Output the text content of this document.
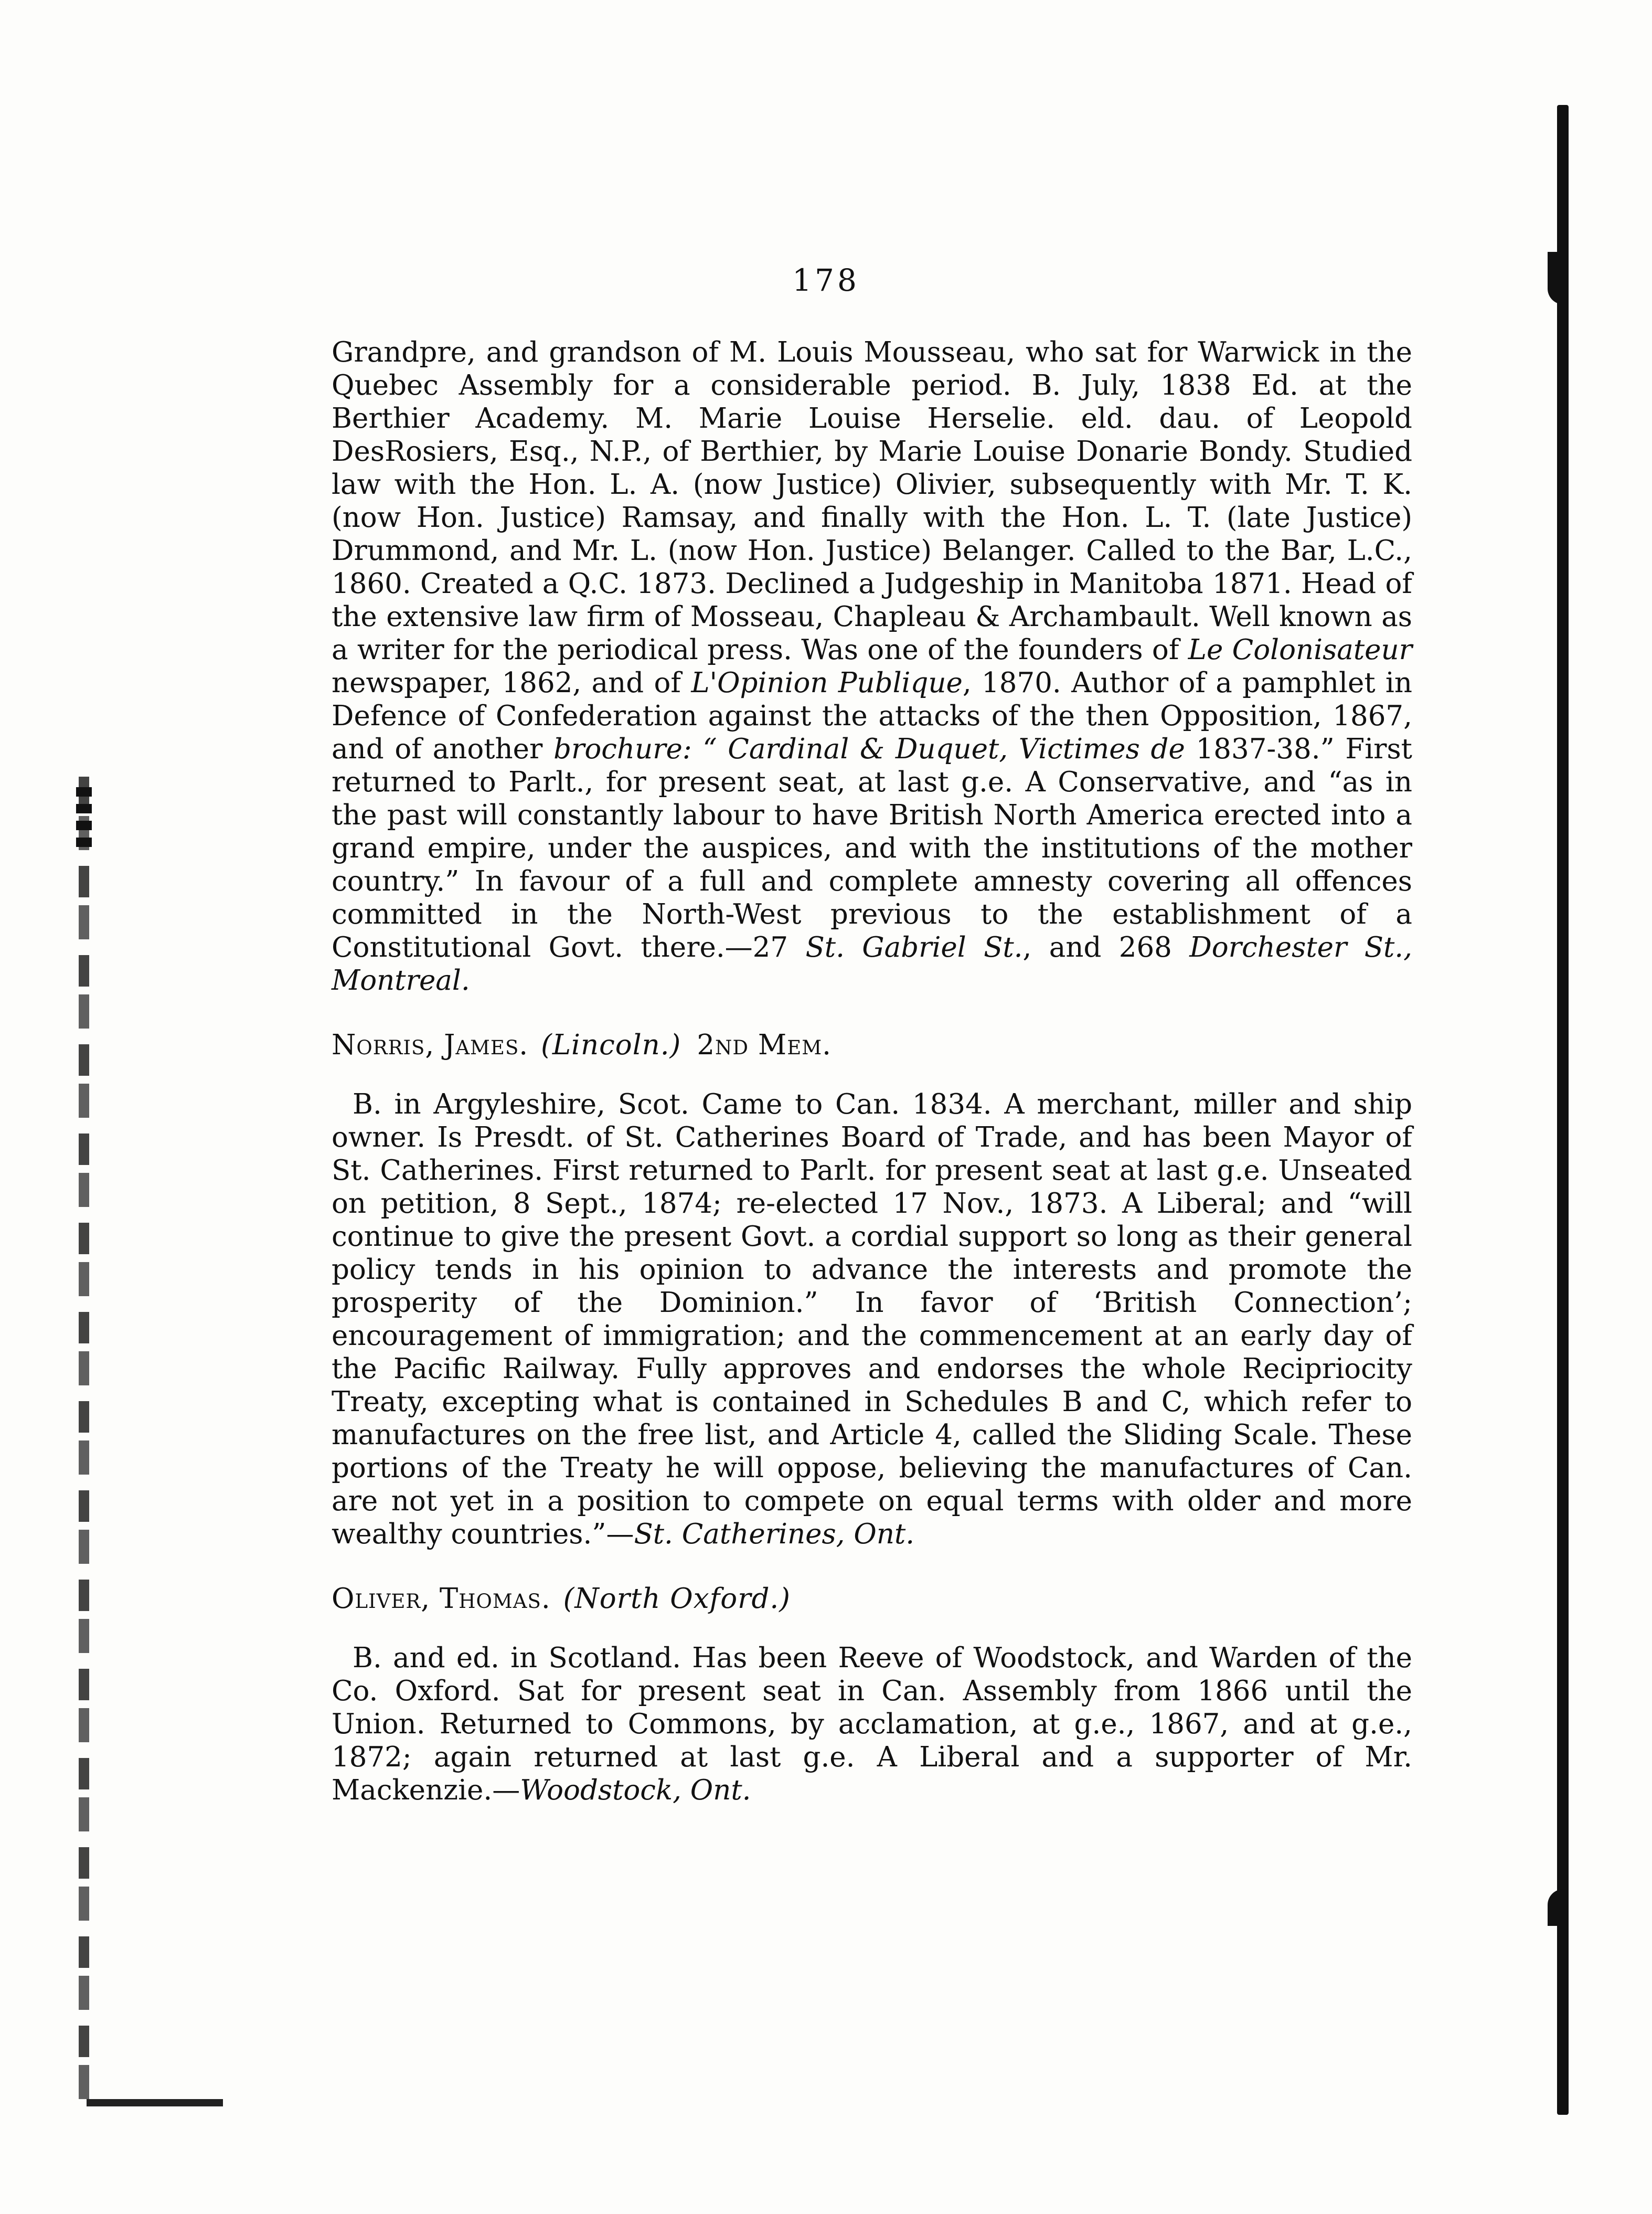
178

Grandpre, and grandson of M. Louis Mousseau, who sat for Warwick in the Quebec Assembly for a considerable period. B. July, 1838 Ed. at the Berthier Academy. M. Marie Louise Herselie. eld. dau. of Leopold DesRosiers, Esq., N.P., of Berthier, by Marie Louise Donarie Bondy. Studied law with the Hon. L. A. (now Justice) Olivier, subsequently with Mr. T. K. (now Hon. Justice) Ramsay, and finally with the Hon. L. T. (late Justice) Drummond, and Mr. L. (now Hon. Justice) Belanger. Called to the Bar, L.C., 1860. Created a Q.C. 1873. Declined a Judgeship in Manitoba 1871. Head of the extensive law firm of Mosseau, Chapleau & Archambault. Well known as a writer for the periodical press. Was one of the founders of Le Colonisateur newspaper, 1862, and of L'Opinion Publique, 1870. Author of a pamphlet in Defence of Confederation against the attacks of the then Opposition, 1867, and of another brochure: “ Cardinal & Duquet, Victimes de 1837-38.” First returned to Parlt., for present seat, at last g.e. A Conservative, and “as in the past will constantly labour to have British North America erected into a grand empire, under the auspices, and with the institutions of the mother country.” In favour of a full and complete amnesty covering all offences committed in the North-West previous to the establishment of a Constitutional Govt. there.—27 St. Gabriel St., and 268 Dorchester St., Montreal.

Norris, James. (Lincoln.) 2nd Mem.

B. in Argyleshire, Scot. Came to Can. 1834. A merchant, miller and ship owner. Is Presdt. of St. Catherines Board of Trade, and has been Mayor of St. Catherines. First returned to Parlt. for present seat at last g.e. Unseated on petition, 8 Sept., 1874; re-elected 17 Nov., 1873. A Liberal; and “will continue to give the present Govt. a cordial support so long as their general policy tends in his opinion to advance the interests and promote the prosperity of the Dominion.” In favor of ‘British Connection’; encouragement of immigration; and the commencement at an early day of the Pacific Railway. Fully approves and endorses the whole Recipriocity Treaty, excepting what is contained in Schedules B and C, which refer to manufactures on the free list, and Article 4, called the Sliding Scale. These portions of the Treaty he will oppose, believing the manufactures of Can. are not yet in a position to compete on equal terms with older and more wealthy countries.”—St. Catherines, Ont.

Oliver, Thomas. (North Oxford.)

B. and ed. in Scotland. Has been Reeve of Woodstock, and Warden of the Co. Oxford. Sat for present seat in Can. Assembly from 1866 until the Union. Returned to Commons, by acclamation, at g.e., 1867, and at g.e., 1872; again returned at last g.e. A Liberal and a supporter of Mr. Mackenzie.—Woodstock, Ont.
